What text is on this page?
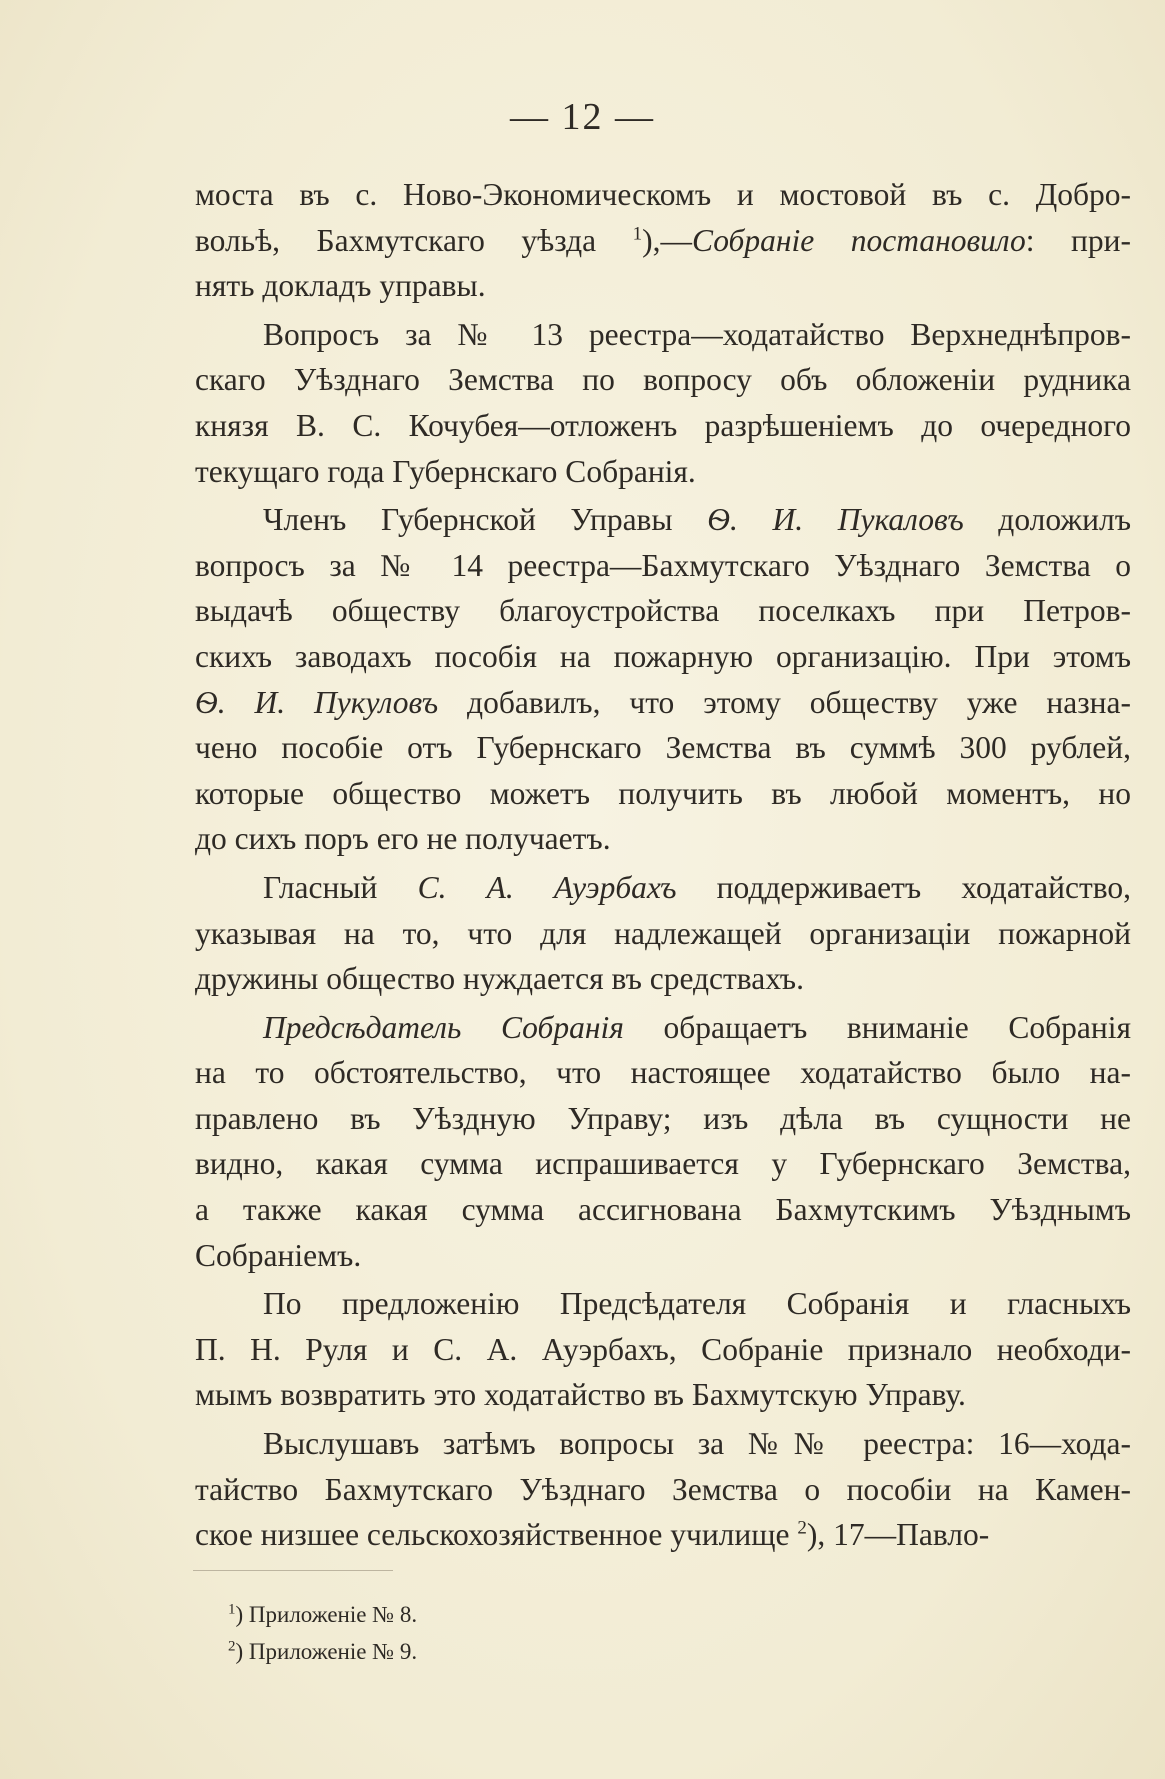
— 12 —
моста въ с. Ново-Экономическомъ и мостовой въ с. Добро-
вольѣ, Бахмутскаго уѣзда $^1$),—Собраніе постановило: при-
нять докладъ управы.
Вопросъ за № 13 реестра—ходатайство Верхнеднѣпров-
скаго Уѣзднаго Земства по вопросу объ обложеніи рудника
князя В. С. Кочубея—отложенъ разрѣшеніемъ до очередного
текущаго года Губернскаго Собранія.
Членъ Губернской Управы Ѳ. И. Пукаловъ доложилъ
вопросъ за № 14 реестра—Бахмутскаго Уѣзднаго Земства о
выдачѣ обществу благоустройства поселкахъ при Петров-
скихъ заводахъ пособія на пожарную организацію. При этомъ
Ѳ. И. Пукуловъ добавилъ, что этому обществу уже назна-
чено пособіе отъ Губернскаго Земства въ суммѣ 300 рублей,
которые общество можетъ получить въ любой моментъ, но
до сихъ поръ его не получаетъ.
Гласный С. А. Ауэрбахъ поддерживаетъ ходатайство,
указывая на то, что для надлежащей организаціи пожарной
дружины общество нуждается въ средствахъ.
Предсѣдатель Собранія обращаетъ вниманіе Собранія
на то обстоятельство, что настоящее ходатайство было на-
правлено въ Уѣздную Управу; изъ дѣла въ сущности не
видно, какая сумма испрашивается у Губернскаго Земства,
а также какая сумма ассигнована Бахмутскимъ Уѣзднымъ
Собраніемъ.
По предложенію Предсѣдателя Собранія и гласныхъ
П. Н. Руля и С. А. Ауэрбахъ, Собраніе признало необходи-
мымъ возвратить это ходатайство въ Бахмутскую Управу.
Выслушавъ затѣмъ вопросы за №№ реестра: 16—хода-
тайство Бахмутскаго Уѣзднаго Земства о пособіи на Камен-
ское низшее сельскохозяйственное училище $^2$), 17—Павло-
$^1$) Приложеніе № 8.
$^2$) Приложеніе № 9.
